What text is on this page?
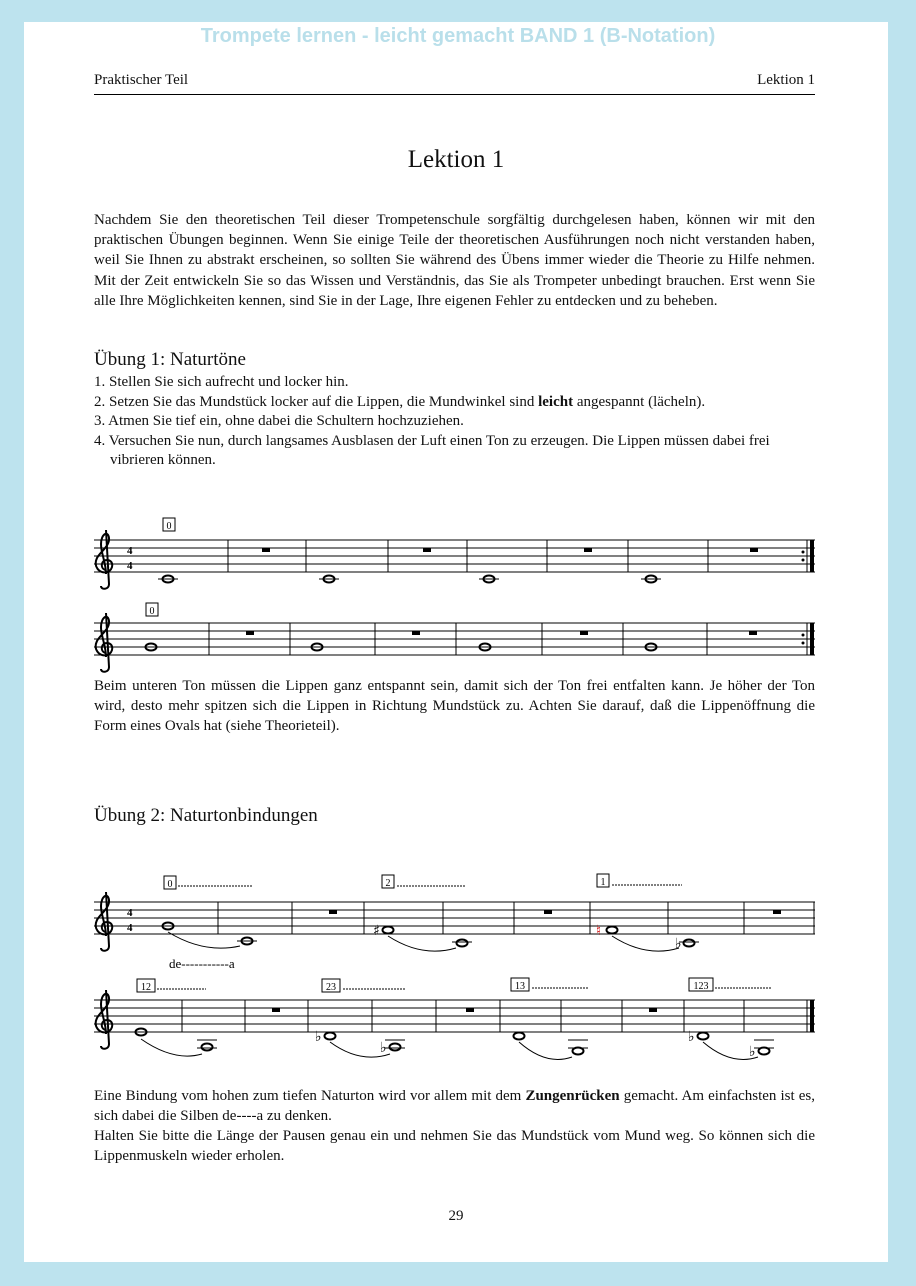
Trompete lernen - leicht gemacht BAND 1 (B-Notation)
Praktischer Teil	Lektion 1
Lektion 1
Nachdem Sie den theoretischen Teil dieser Trompetenschule sorgfältig durchgelesen haben, können wir mit den praktischen Übungen beginnen. Wenn Sie einige Teile der theoretischen Ausführungen noch nicht verstanden haben, weil Sie Ihnen zu abstrakt erscheinen, so sollten Sie während des Übens immer wieder die Theorie zu Hilfe nehmen. Mit der Zeit entwickeln Sie so das Wissen und Verständnis, das Sie als Trompeter unbedingt brauchen. Erst wenn Sie alle Ihre Möglichkeiten kennen, sind Sie in der Lage, Ihre eigenen Fehler zu entdecken und zu beheben.
Übung 1: Naturtöne
1. Stellen Sie sich aufrecht und locker hin.
2. Setzen Sie das Mundstück locker auf die Lippen, die Mundwinkel sind leicht angespannt (lächeln).
3. Atmen Sie tief ein, ohne dabei die Schultern hochzuziehen.
4. Versuchen Sie nun, durch langsames Ausblasen der Luft einen Ton zu erzeugen. Die Lippen müssen dabei frei vibrieren können.
4
4
0
0
4
4
0	2	1
♯	♮
♭
de-----------a
12	23	13	123
♭
♭
♭
♭
Beim unteren Ton müssen die Lippen ganz entspannt sein, damit sich der Ton frei entfalten kann. Je höher der Ton wird, desto mehr spitzen sich die Lippen in Richtung Mundstück zu. Achten Sie darauf, daß die Lippenöffnung die Form eines Ovals hat (siehe Theorieteil).
Übung 2: Naturtonbindungen
Eine Bindung vom hohen zum tiefen Naturton wird vor allem mit dem Zungenrücken gemacht. Am einfachsten ist es, sich dabei die Silben de----a zu denken.
Halten Sie bitte die Länge der Pausen genau ein und nehmen Sie das Mundstück vom Mund weg. So können sich die Lippenmuskeln wieder erholen.
29
